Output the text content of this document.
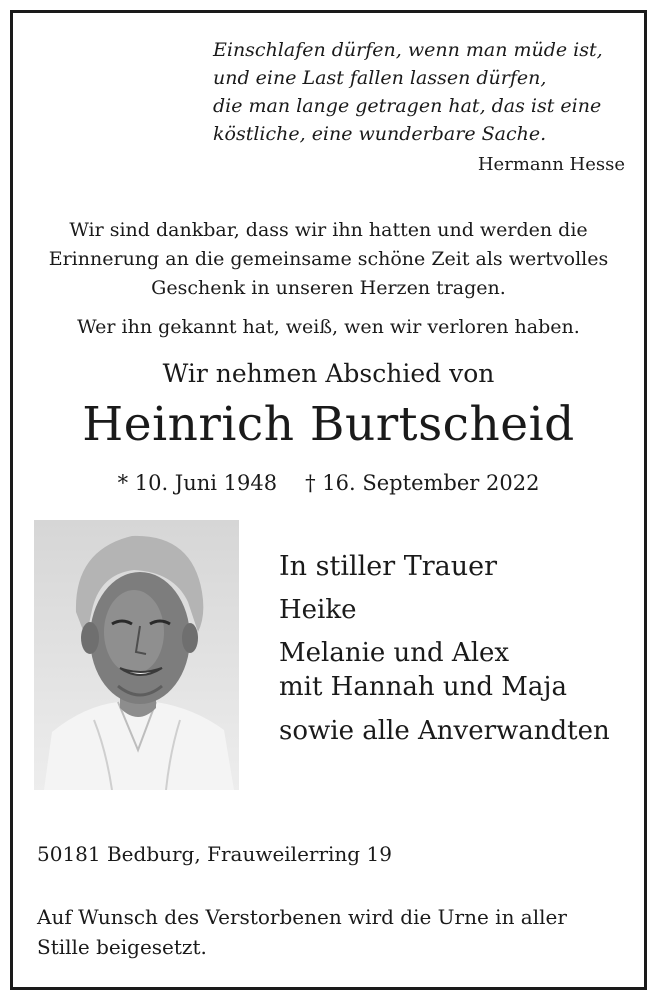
Einschlafen dürfen, wenn man müde ist,
und eine Last fallen lassen dürfen,
die man lange getragen hat, das ist eine
köstliche, eine wunderbare Sache.
Hermann Hesse
Wir sind dankbar, dass wir ihn hatten und werden die
Erinnerung an die gemeinsame schöne Zeit als wertvolles
Geschenk in unseren Herzen tragen.
Wer ihn gekannt hat, weiß, wen wir verloren haben.
Wir nehmen Abschied von
Heinrich Burtscheid
* 10. Juni 1948 † 16. September 2022
In stiller Trauer
Heike
Melanie und Alex
mit Hannah und Maja
sowie alle Anverwandten
50181 Bedburg, Frauweilerring 19
Auf Wunsch des Verstorbenen wird die Urne in aller
Stille beigesetzt.
